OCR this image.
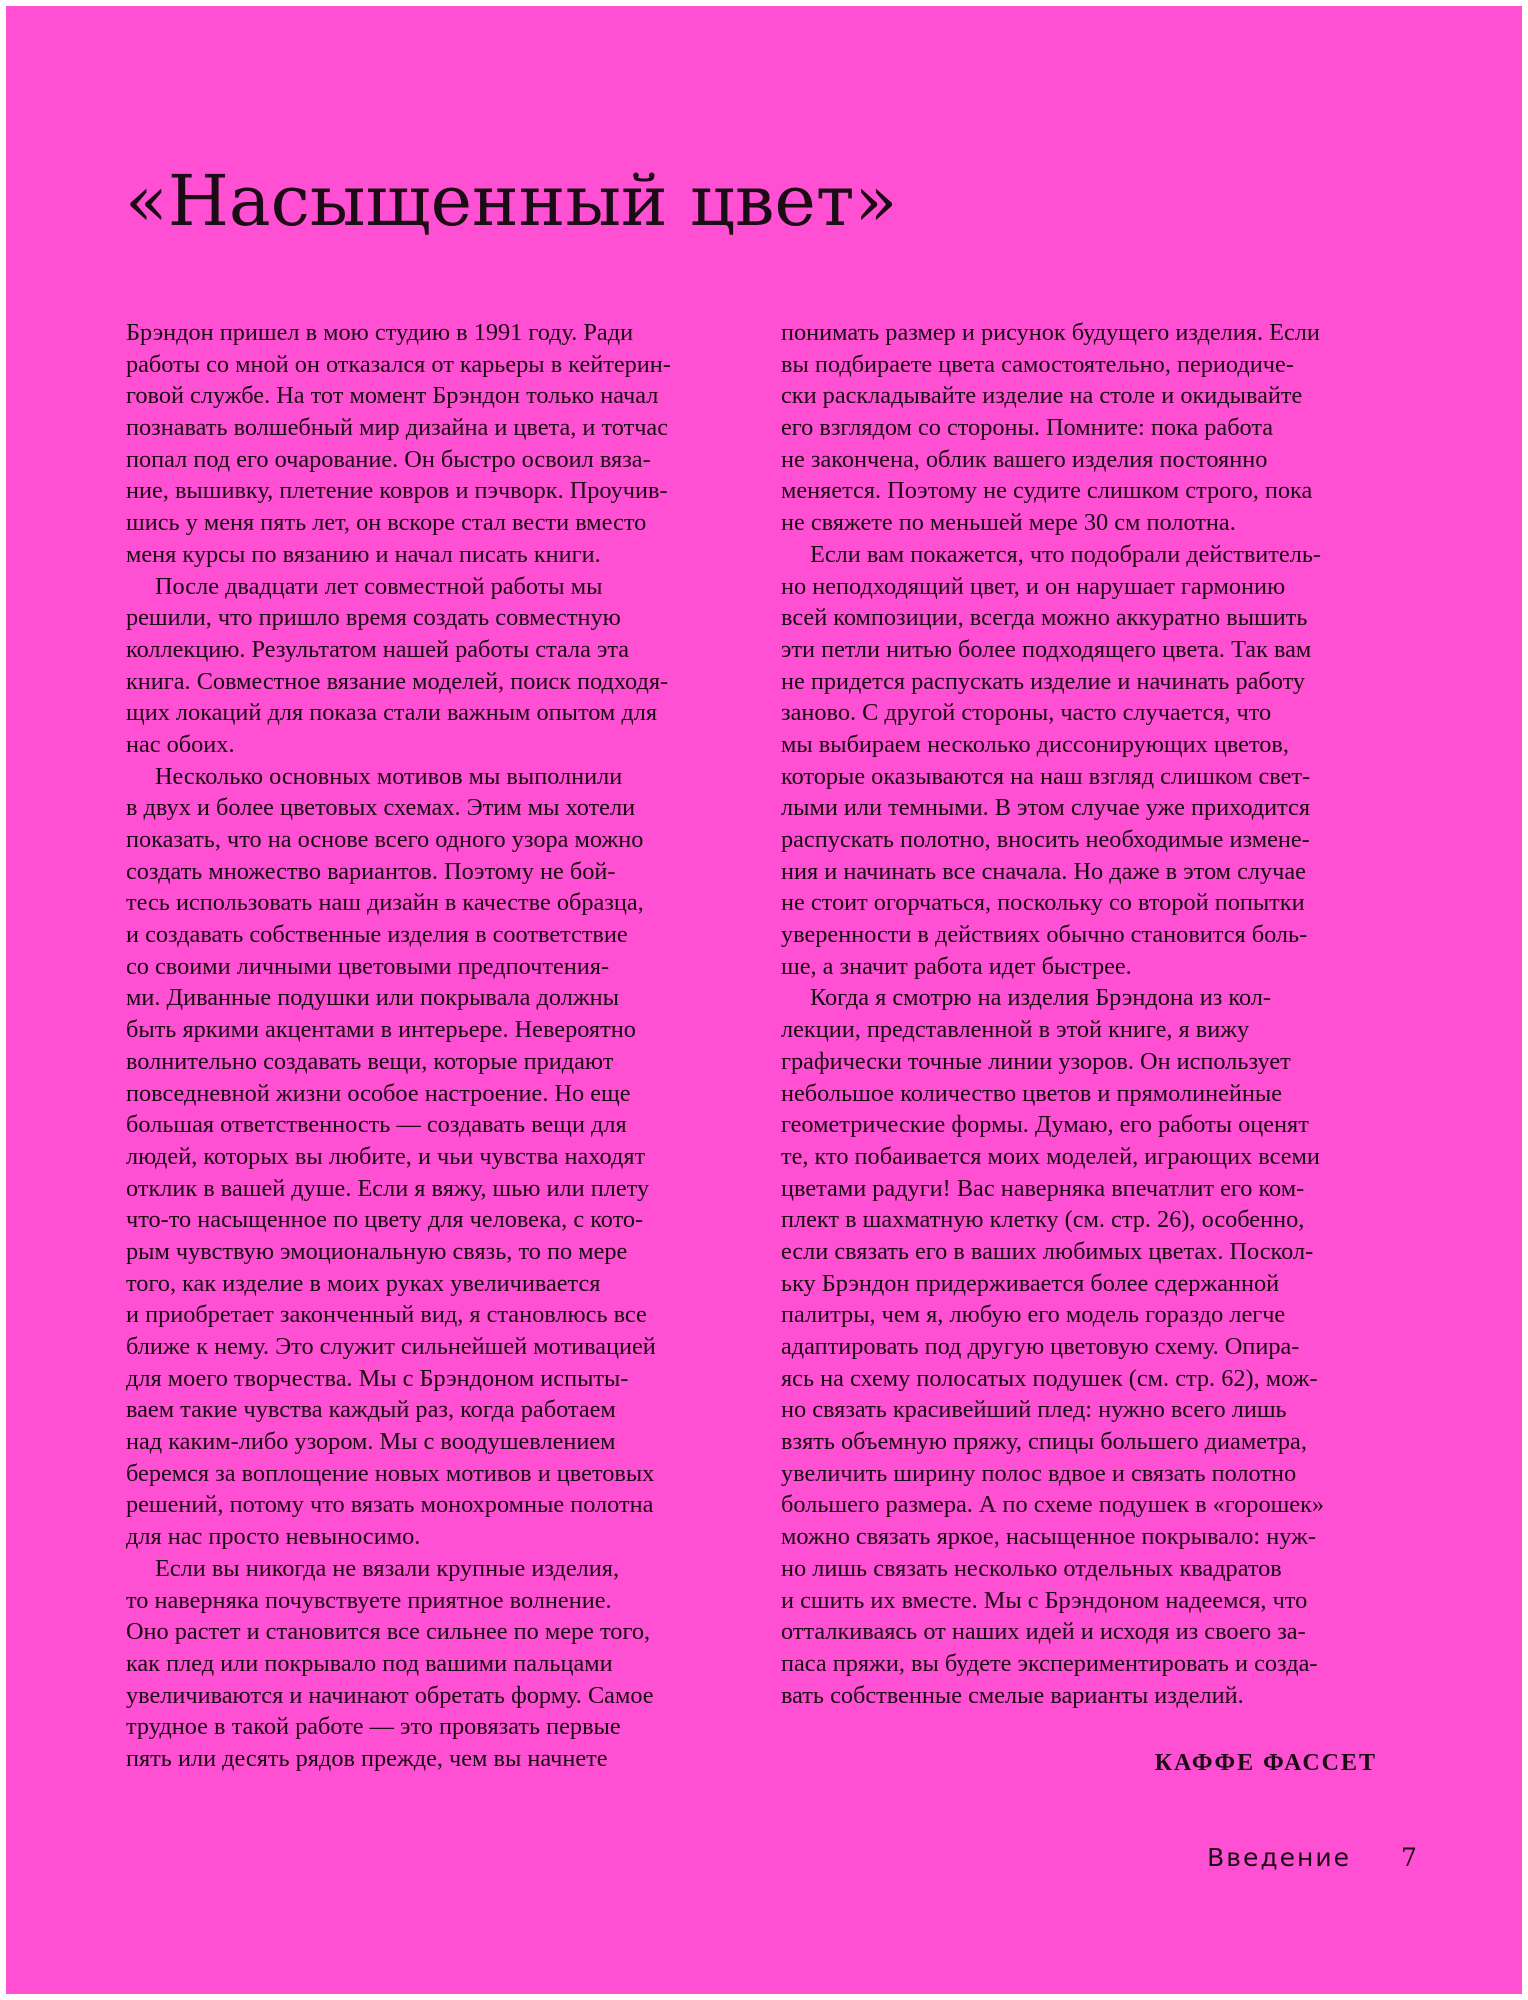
«Насыщенный цвет»
Брэндон пришел в мою студию в 1991 году. Ради
работы со мной он отказался от карьеры в кейтерин-
говой службе. На тот момент Брэндон только начал
познавать волшебный мир дизайна и цвета, и тотчас
попал под его очарование. Он быстро освоил вяза-
ние, вышивку, плетение ковров и пэчворк. Проучив-
шись у меня пять лет, он вскоре стал вести вместо
меня курсы по вязанию и начал писать книги.
После двадцати лет совместной работы мы
решили, что пришло время создать совместную
коллекцию. Результатом нашей работы стала эта
книга. Совместное вязание моделей, поиск подходя-
щих локаций для показа стали важным опытом для
нас обоих.
Несколько основных мотивов мы выполнили
в двух и более цветовых схемах. Этим мы хотели
показать, что на основе всего одного узора можно
создать множество вариантов. Поэтому не бой-
тесь использовать наш дизайн в качестве образца,
и создавать собственные изделия в соответствие
со своими личными цветовыми предпочтения-
ми. Диванные подушки или покрывала должны
быть яркими акцентами в интерьере. Невероятно
волнительно создавать вещи, которые придают
повседневной жизни особое настроение. Но еще
большая ответственность — создавать вещи для
людей, которых вы любите, и чьи чувства находят
отклик в вашей душе. Если я вяжу, шью или плету
что-то насыщенное по цвету для человека, с кото-
рым чувствую эмоциональную связь, то по мере
того, как изделие в моих руках увеличивается
и приобретает законченный вид, я становлюсь все
ближе к нему. Это служит сильнейшей мотивацией
для моего творчества. Мы с Брэндоном испыты-
ваем такие чувства каждый раз, когда работаем
над каким-либо узором. Мы с воодушевлением
беремся за воплощение новых мотивов и цветовых
решений, потому что вязать монохромные полотна
для нас просто невыносимо.
Если вы никогда не вязали крупные изделия,
то наверняка почувствуете приятное волнение.
Оно растет и становится все сильнее по мере того,
как плед или покрывало под вашими пальцами
увеличиваются и начинают обретать форму. Самое
трудное в такой работе — это провязать первые
пять или десять рядов прежде, чем вы начнете
понимать размер и рисунок будущего изделия. Если
вы подбираете цвета самостоятельно, периодиче-
ски раскладывайте изделие на столе и окидывайте
его взглядом со стороны. Помните: пока работа
не закончена, облик вашего изделия постоянно
меняется. Поэтому не судите слишком строго, пока
не свяжете по меньшей мере 30 см полотна.
Если вам покажется, что подобрали действитель-
но неподходящий цвет, и он нарушает гармонию
всей композиции, всегда можно аккуратно вышить
эти петли нитью более подходящего цвета. Так вам
не придется распускать изделие и начинать работу
заново. С другой стороны, часто случается, что
мы выбираем несколько диссонирующих цветов,
которые оказываются на наш взгляд слишком свет-
лыми или темными. В этом случае уже приходится
распускать полотно, вносить необходимые измене-
ния и начинать все сначала. Но даже в этом случае
не стоит огорчаться, поскольку со второй попытки
уверенности в действиях обычно становится боль-
ше, а значит работа идет быстрее.
Когда я смотрю на изделия Брэндона из кол-
лекции, представленной в этой книге, я вижу
графически точные линии узоров. Он использует
небольшое количество цветов и прямолинейные
геометрические формы. Думаю, его работы оценят
те, кто побаивается моих моделей, играющих всеми
цветами радуги! Вас наверняка впечатлит его ком-
плект в шахматную клетку (см. стр. 26), особенно,
если связать его в ваших любимых цветах. Поскол-
ьку Брэндон придерживается более сдержанной
палитры, чем я, любую его модель гораздо легче
адаптировать под другую цветовую схему. Опира-
ясь на схему полосатых подушек (см. стр. 62), мож-
но связать красивейший плед: нужно всего лишь
взять объемную пряжу, спицы большего диаметра,
увеличить ширину полос вдвое и связать полотно
большего размера. А по схеме подушек в «горошек»
можно связать яркое, насыщенное покрывало: нуж-
но лишь связать несколько отдельных квадратов
и сшить их вместе. Мы с Брэндоном надеемся, что
отталкиваясь от наших идей и исходя из своего за-
паса пряжи, вы будете экспериментировать и созда-
вать собственные смелые варианты изделий.
КАФФЕ ФАССЕТ
Введение 7
